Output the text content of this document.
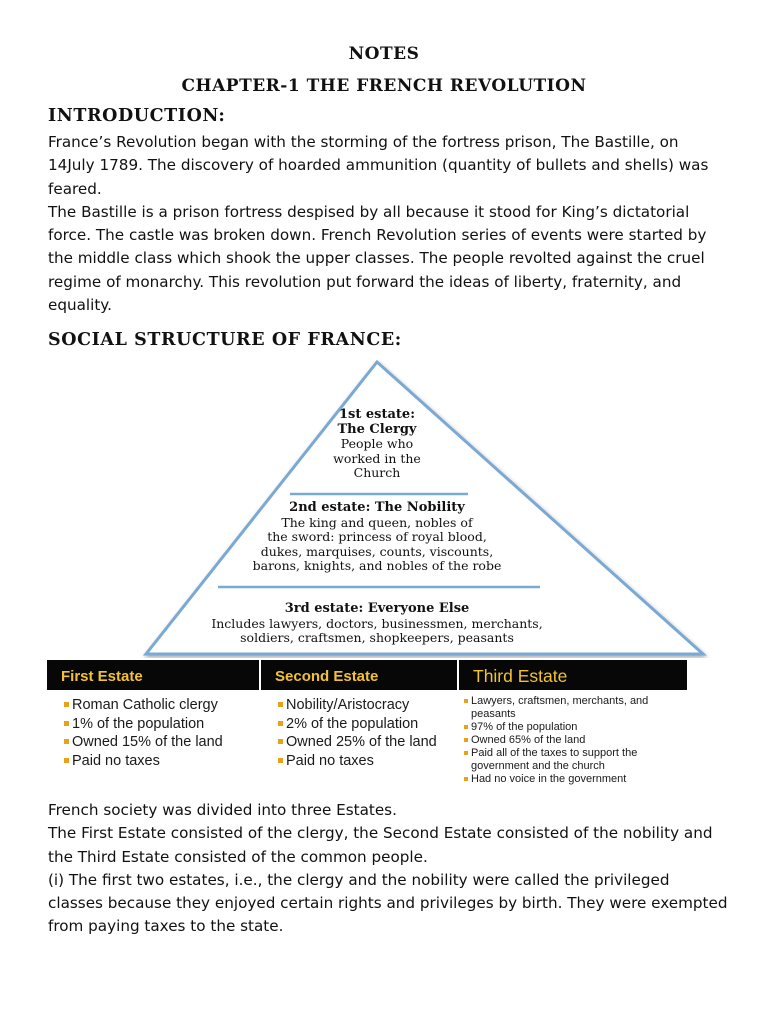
NOTES
CHAPTER-1 THE FRENCH REVOLUTION
INTRODUCTION:

France’s Revolution began with the storming of the fortress prison, The Bastille, on 14July 1789. The discovery of hoarded ammunition (quantity of bullets and shells) was feared.

The Bastille is a prison fortress despised by all because it stood for King’s dictatorial force. The castle was broken down. French Revolution series of events were started by the middle class which shook the upper classes. The people revolted against the cruel regime of monarchy. This revolution put forward the ideas of liberty, fraternity, and equality.

SOCIAL STRUCTURE OF FRANCE:
1st estate:
The Clergy
People who
worked in the
Church
2nd estate: The Nobility
The king and queen, nobles of
the sword: princess of royal blood,
dukes, marquises, counts, viscounts,
barons, knights, and nobles of the robe
3rd estate: Everyone Else
Includes lawyers, doctors, businessmen, merchants,
soldiers, craftsmen, shopkeepers, peasants
First Estate
Roman Catholic clergy
1% of the population
Owned 15% of the land
Paid no taxes
Second Estate
Nobility/Aristocracy
2% of the population
Owned 25% of the land
Paid no taxes
Third Estate
Lawyers, craftsmen, merchants, and peasants
97% of the population
Owned 65% of the land
Paid all of the taxes to support the government and the church
Had no voice in the government

French society was divided into three Estates.

The First Estate consisted of the clergy, the Second Estate consisted of the nobility and the Third Estate consisted of the common people.

(i) The first two estates, i.e., the clergy and the nobility were called the privileged classes because they enjoyed certain rights and privileges by birth. They were exempted from paying taxes to the state.
